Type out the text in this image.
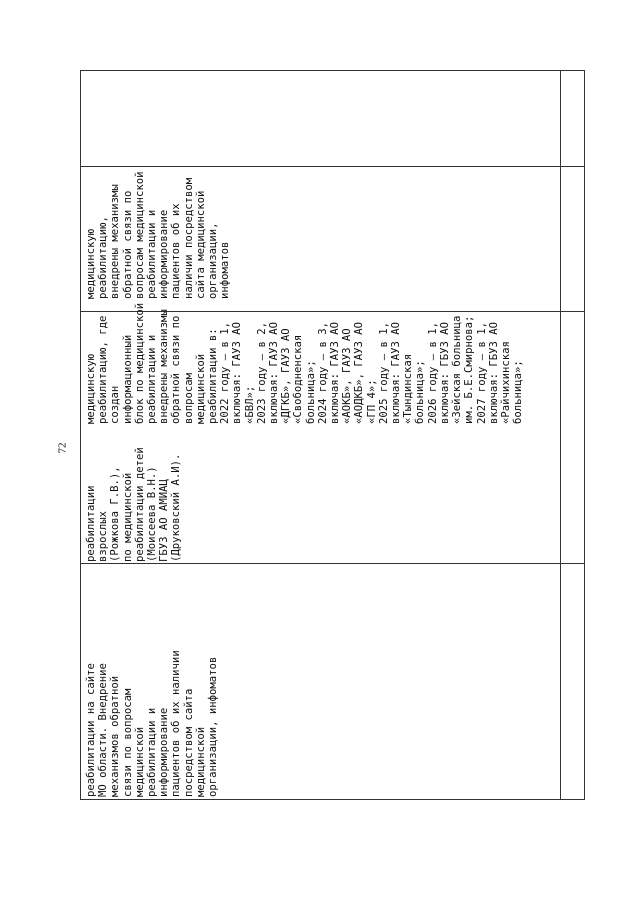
72
реабилитации на сайте
МО области. Внедрение
механизмов обратной
связи по вопросам
медицинской
реабилитации и
информирование
пациентов об их наличии
посредством сайта
медицинской
организации, инфоматов
реабилитации
взрослых
(Рожкова Г.В.),
по медицинской
реабилитации детей
(Моисеева В.Н.)
ГБУЗ АО АМИАЦ
(Друковский А.И).
медицинскую
реабилитацию, где
создан
информационный
блок по медицинской
реабилитации и
внедрены механизмы
обратной связи по
вопросам
медицинской
реабилитации в:
2022 году – в 1,
включая: ГАУЗ АО
«БВЛ»;
2023 году – в 2,
включая: ГАУЗ АО
«ДГКБ», ГАУЗ АО
«Свободненская
больница»;
2024 году – в 3,
включая: ГАУЗ АО
«АОКБ», ГАУЗ АО
«АОДКБ», ГАУЗ АО
«ГП 4»;
2025 году – в 1,
включая: ГАУЗ АО
«Тындинская
больница»;
2026 году – в 1,
включая: ГБУЗ АО
«Зейская больница
им. Б.Е.Смирнова;
2027 году – в 1,
включая: ГБУЗ АО
«Райчихинская
больница»;
медицинскую
реабилитацию,
внедрены механизмы
обратной связи по
вопросам медицинской
реабилитации и
информирование
пациентов об их
наличии посредством
сайта медицинской
организации,
инфоматов
